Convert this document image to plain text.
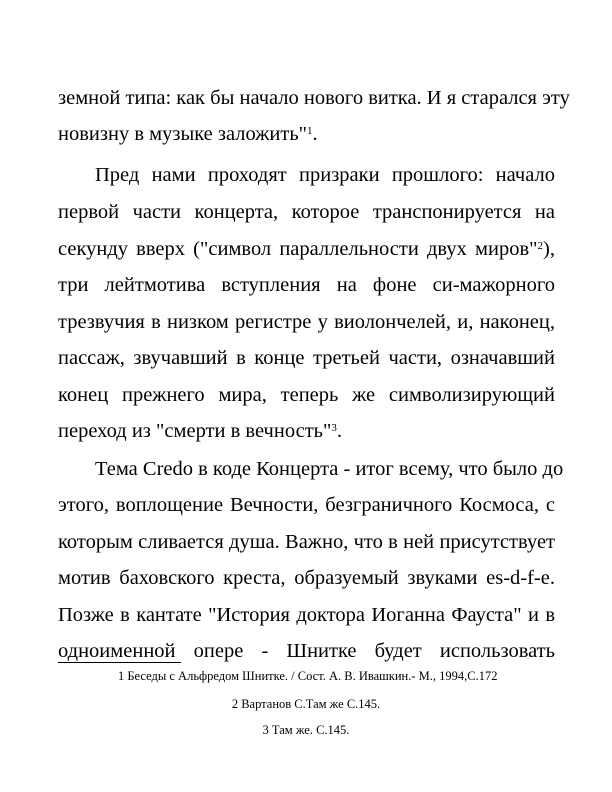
земной типа: как бы начало нового витка. И я старался эту
новизну в музыке заложить"$^1$.
Пред нами проходят призраки прошлого: начало
первой части концерта, которое транспонируется на
секунду вверх ("символ параллельности двух миров"$^2$),
три лейтмотива вступления на фоне си-мажорного
трезвучия в низком регистре у виолончелей, и, наконец,
пассаж, звучавший в конце третьей части, означавший
конец прежнего мира, теперь же символизирующий
переход из "смерти в вечность"$^3$.
Тема Credo в коде Концерта - итог всему, что было до
этого, воплощение Вечности, безграничного Космоса, с
которым сливается душа. Важно, что в ней присутствует
мотив баховского креста, образуемый звуками es-d-f-e.
Позже в кантате "История доктора Иоганна Фауста" и в
одноименной опере - Шнитке будет использовать
1 Беседы с Альфредом Шнитке. / Сост. А. В. Ивашкин.- М., 1994,С.172
2 Вартанов С.Там же С.145.
3 Там же. С.145.
